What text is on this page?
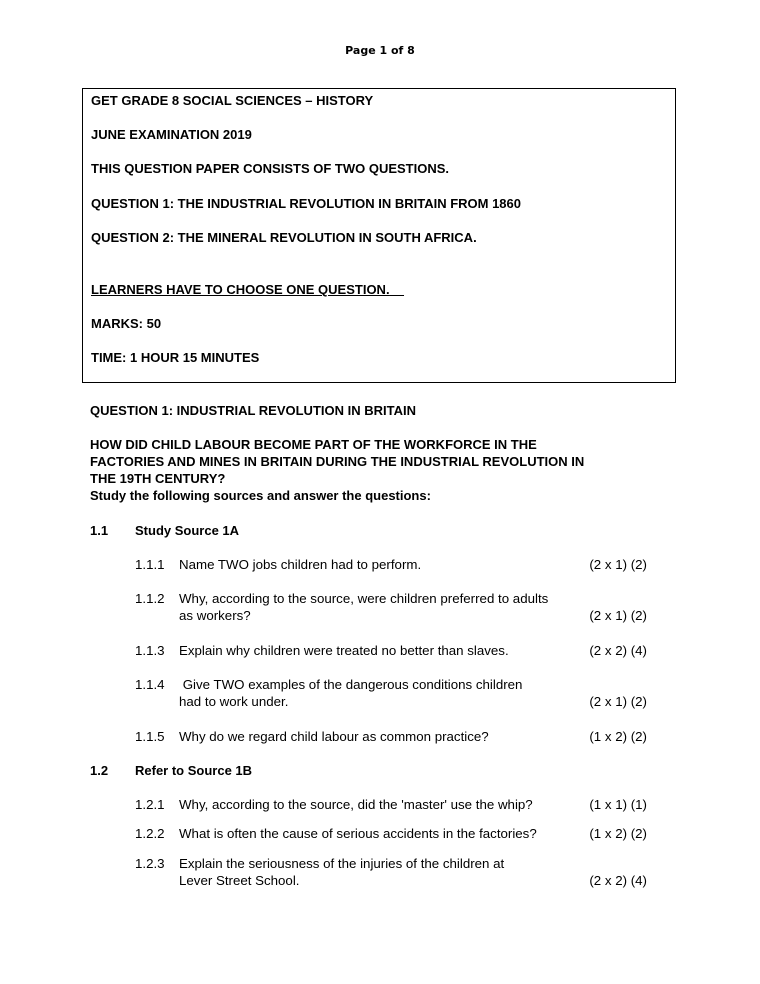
Page 1 of 8
GET GRADE 8 SOCIAL SCIENCES – HISTORY
JUNE EXAMINATION 2019
THIS QUESTION PAPER CONSISTS OF TWO QUESTIONS.
QUESTION 1: THE INDUSTRIAL REVOLUTION IN BRITAIN FROM 1860
QUESTION 2: THE MINERAL REVOLUTION IN SOUTH AFRICA.
LEARNERS HAVE TO CHOOSE ONE QUESTION.
MARKS: 50
TIME: 1 HOUR 15 MINUTES
QUESTION 1: INDUSTRIAL REVOLUTION IN BRITAIN
HOW DID CHILD LABOUR BECOME PART OF THE WORKFORCE IN THE
FACTORIES AND MINES IN BRITAIN DURING THE INDUSTRIAL REVOLUTION IN
THE 19TH CENTURY?
Study the following sources and answer the questions:
1.1 Study Source 1A
1.1.1 Name TWO jobs children had to perform.	(2 x 1) (2)
1.1.2 Why, according to the source, were children preferred to adults
as workers?	(2 x 1) (2)
1.1.3 Explain why children were treated no better than slaves.	(2 x 2) (4)
1.1.4 Give TWO examples of the dangerous conditions children
had to work under.	(2 x 1) (2)
1.1.5 Why do we regard child labour as common practice?	(1 x 2) (2)
1.2 Refer to Source 1B
1.2.1 Why, according to the source, did the 'master' use the whip?	(1 x 1) (1)
1.2.2 What is often the cause of serious accidents in the factories?	(1 x 2) (2)
1.2.3 Explain the seriousness of the injuries of the children at
Lever Street School.	(2 x 2) (4)
